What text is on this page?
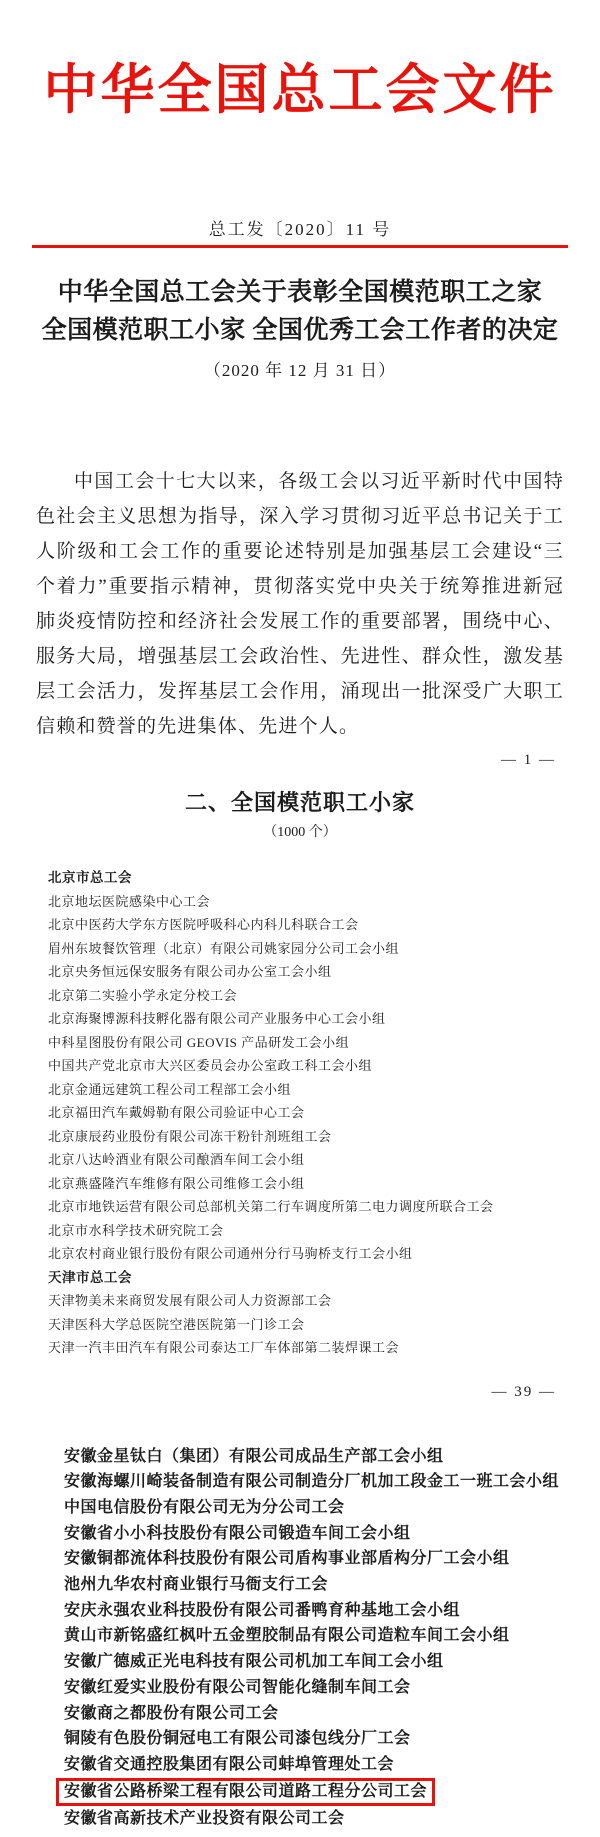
中华全国总工会文件
总工发〔2020〕11 号
中华全国总工会关于表彰全国模范职工之家
全国模范职工小家 全国优秀工会工作者的决定
（2020 年 12 月 31 日）

中国工会十七大以来，各级工会以习近平新时代中国特色社会主义思想为指导，深入学习贯彻习近平总书记关于工人阶级和工会工作的重要论述特别是加强基层工会建设“三个着力”重要指示精神，贯彻落实党中央关于统筹推进新冠肺炎疫情防控和经济社会发展工作的重要部署，围绕中心、服务大局，增强基层工会政治性、先进性、群众性，激发基层工会活力，发挥基层工会作用，涌现出一批深受广大职工信赖和赞誉的先进集体、先进个人。

— 1 —
二、全国模范职工小家
（1000 个）
北京市总工会
北京地坛医院感染中心工会
北京中医药大学东方医院呼吸科心内科儿科联合工会
眉州东坡餐饮管理（北京）有限公司姚家园分公司工会小组
北京央务恒远保安服务有限公司办公室工会小组
北京第二实验小学永定分校工会
北京海聚博源科技孵化器有限公司产业服务中心工会小组
中科星图股份有限公司 GEOVIS 产品研发工会小组
中国共产党北京市大兴区委员会办公室政工科工会小组
北京金通远建筑工程公司工程部工会小组
北京福田汽车戴姆勒有限公司验证中心工会
北京康辰药业股份有限公司冻干粉针剂班组工会
北京八达岭酒业有限公司酿酒车间工会小组
北京燕盛隆汽车维修有限公司维修工会小组
北京市地铁运营有限公司总部机关第二行车调度所第二电力调度所联合工会
北京市水科学技术研究院工会
北京农村商业银行股份有限公司通州分行马驹桥支行工会小组
天津市总工会
天津物美未来商贸发展有限公司人力资源部工会
天津医科大学总医院空港医院第一门诊工会
天津一汽丰田汽车有限公司泰达工厂车体部第二装焊课工会
— 39 —
安徽金星钛白（集团）有限公司成品生产部工会小组
安徽海螺川崎装备制造有限公司制造分厂机加工段金工一班工会小组
中国电信股份有限公司无为分公司工会
安徽省小小科技股份有限公司锻造车间工会小组
安徽铜都流体科技股份有限公司盾构事业部盾构分厂工会小组
池州九华农村商业银行马衙支行工会
安庆永强农业科技股份有限公司番鸭育种基地工会小组
黄山市新铭盛红枫叶五金塑胶制品有限公司造粒车间工会小组
安徽广德威正光电科技有限公司机加工车间工会小组
安徽红爱实业股份有限公司智能化缝制车间工会
安徽商之都股份有限公司工会
铜陵有色股份铜冠电工有限公司漆包线分厂工会
安徽省交通控股集团有限公司蚌埠管理处工会
安徽省公路桥梁工程有限公司道路工程分公司工会
安徽省高新技术产业投资有限公司工会
